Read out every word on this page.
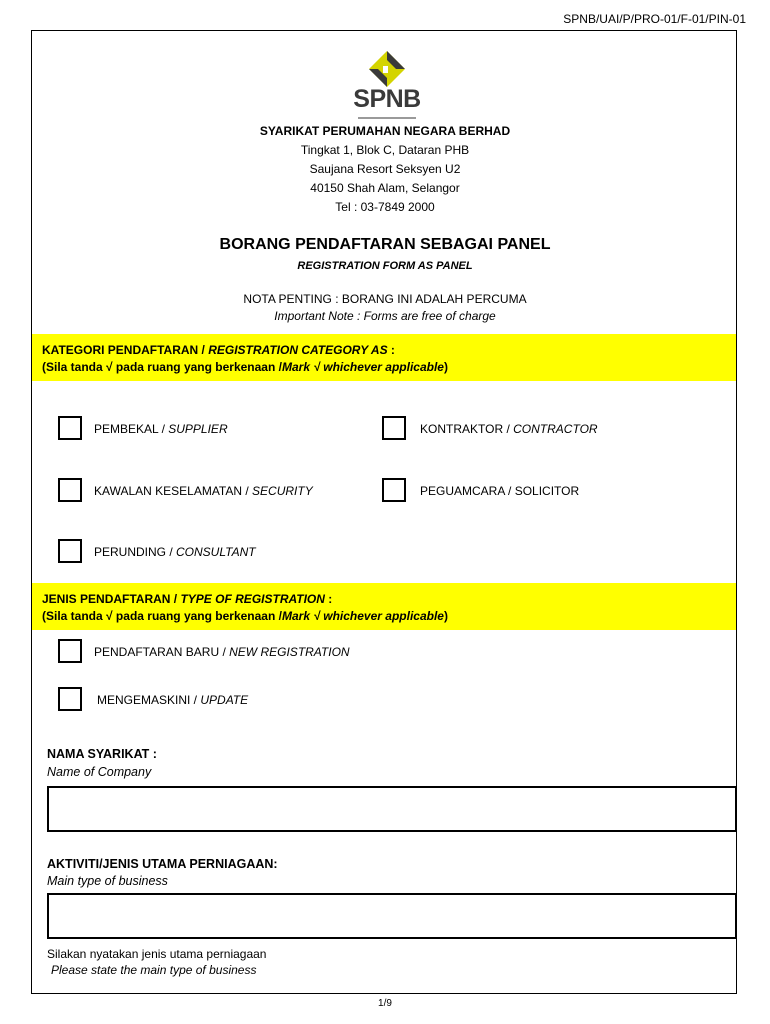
SPNB/UAI/P/PRO-01/F-01/PIN-01
SPNB
SYARIKAT PERUMAHAN NEGARA BERHAD
Tingkat 1, Blok C, Dataran PHB
Saujana Resort Seksyen U2
40150 Shah Alam, Selangor
Tel : 03-7849 2000
BORANG PENDAFTARAN SEBAGAI PANEL
REGISTRATION FORM AS PANEL
NOTA PENTING : BORANG INI ADALAH PERCUMA
Important Note : Forms are free of charge
KATEGORI PENDAFTARAN / REGISTRATION CATEGORY AS :
(Sila tanda √ pada ruang yang berkenaan /Mark √ whichever applicable)
PEMBEKAL / SUPPLIER	KONTRAKTOR / CONTRACTOR
KAWALAN KESELAMATAN / SECURITY	PEGUAMCARA / SOLICITOR
PERUNDING / CONSULTANT
JENIS PENDAFTARAN / TYPE OF REGISTRATION :
(Sila tanda √ pada ruang yang berkenaan /Mark √ whichever applicable)
PENDAFTARAN BARU / NEW REGISTRATION
MENGEMASKINI / UPDATE
NAMA SYARIKAT :
Name of Company
AKTIVITI/JENIS UTAMA PERNIAGAAN:
Main type of business
Silakan nyatakan jenis utama perniagaan
Please state the main type of business
1/9
